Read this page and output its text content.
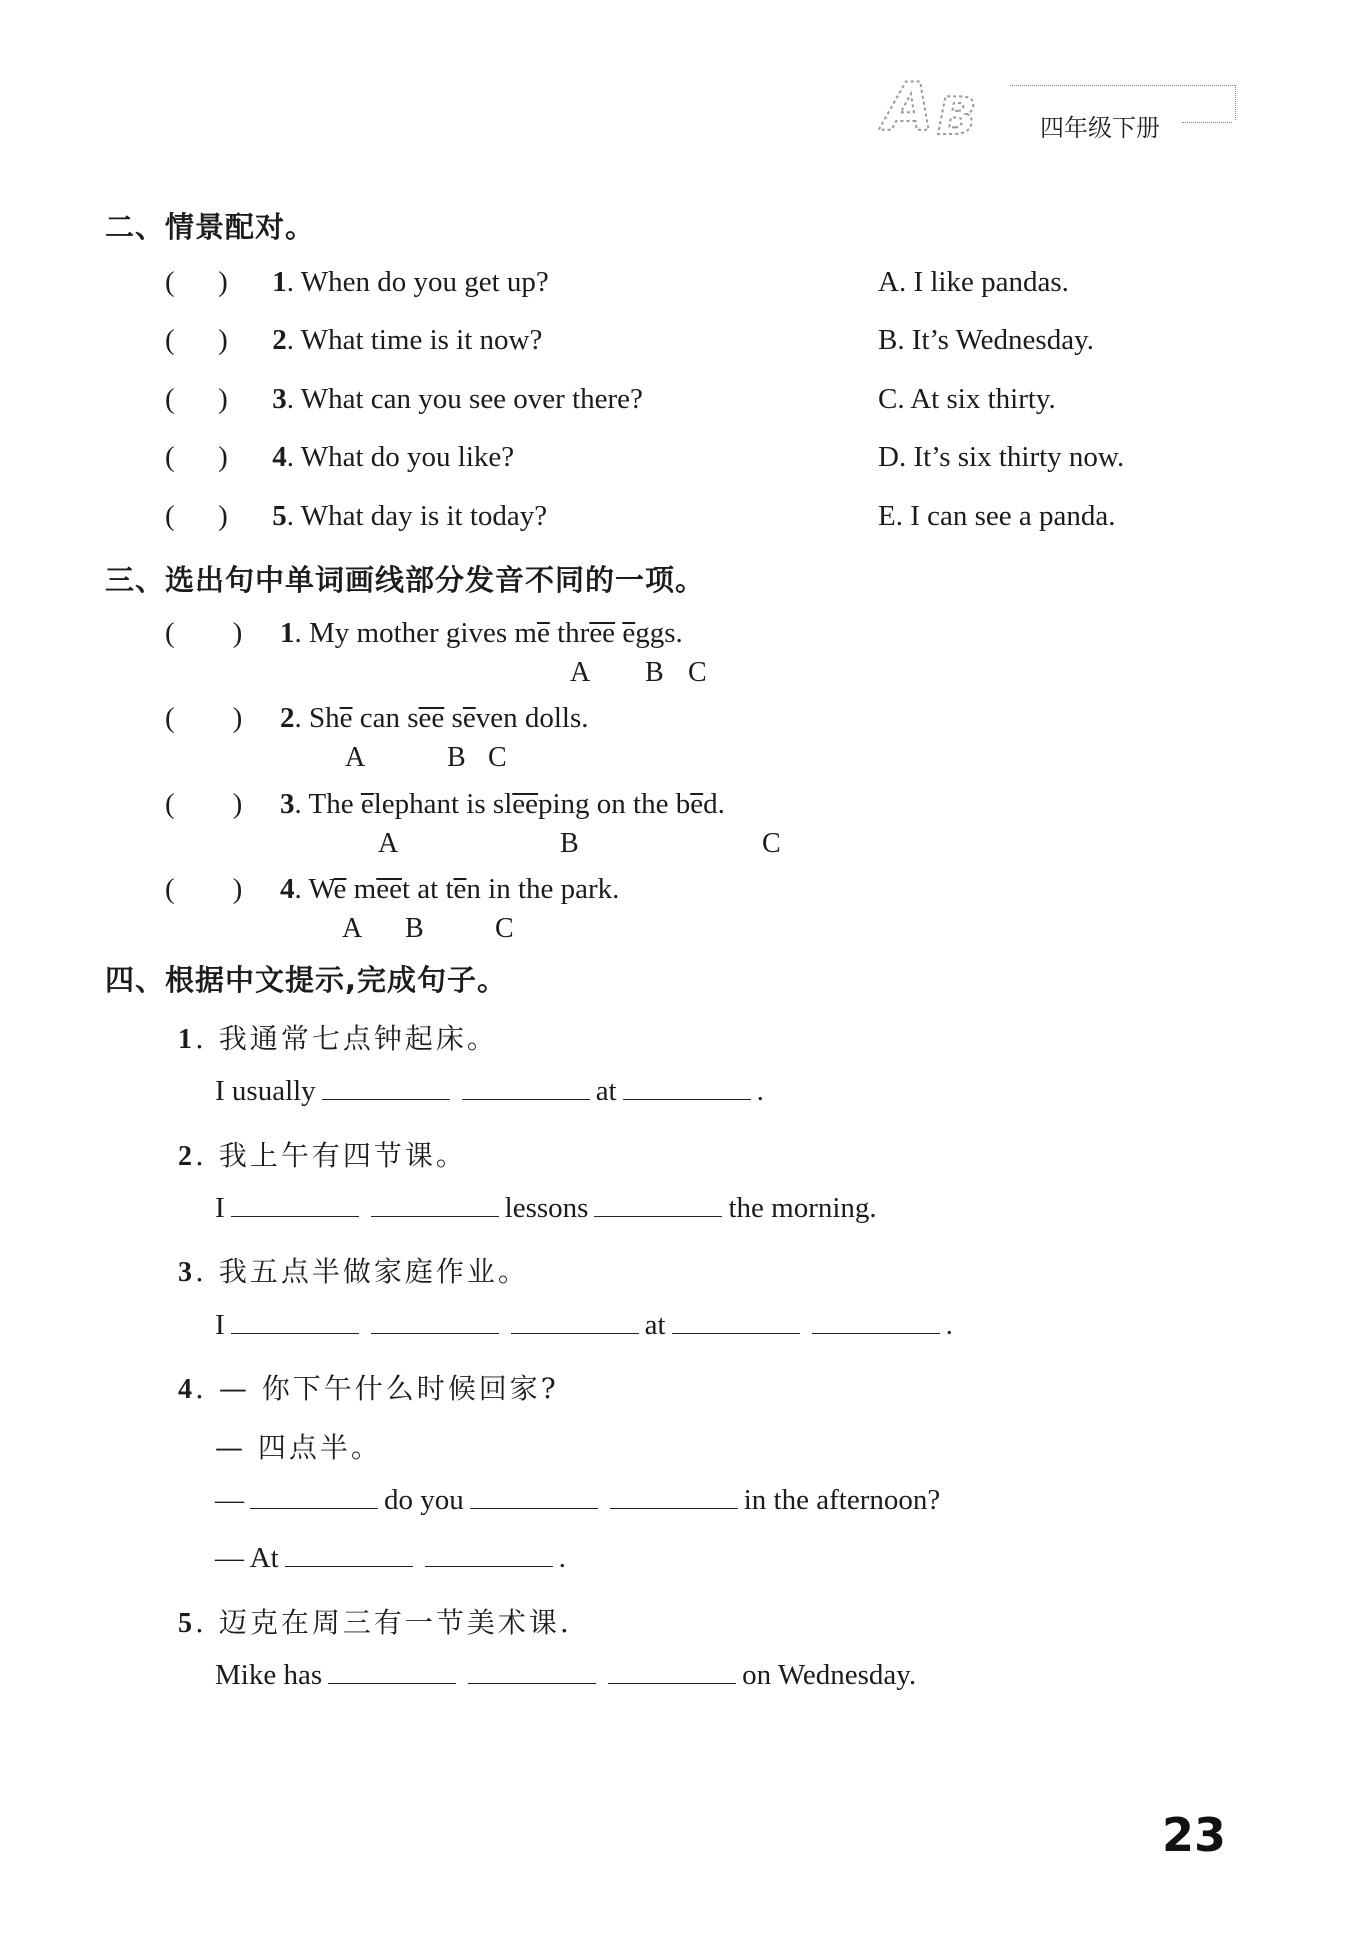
A B	四年级下册
二、情景配对。
(      ) 1. When do you get up?
(      ) 2. What time is it now?
(      ) 3. What can you see over there?
(      ) 4. What do you like?
(      ) 5. What day is it today?
A. I like pandas.
B. It’s Wednesday.
C. At six thirty.
D. It’s six thirty now.
E. I can see a panda.
三、选出句中单词画线部分发音不同的一项。
(        ) 1. My mother gives me three eggs.
A B C
(        ) 2. She can see seven dolls.
A	B C
(        ) 3. The elephant is sleeping on the bed.
A	B	C
(        ) 4. We meet at ten in the park.
A B	C
四、根据中文提示,完成句子。
1. 我通常七点钟起床。
I usually	at	.
2. 我上午有四节课。
I	lessons	the morning.
3. 我五点半做家庭作业。
I	at	.
4. — 你下午什么时候回家?
— 四点半。
—	do you	in the afternoon?
— At	.
5. 迈克在周三有一节美术课.
Mike has	on Wednesday.
23
